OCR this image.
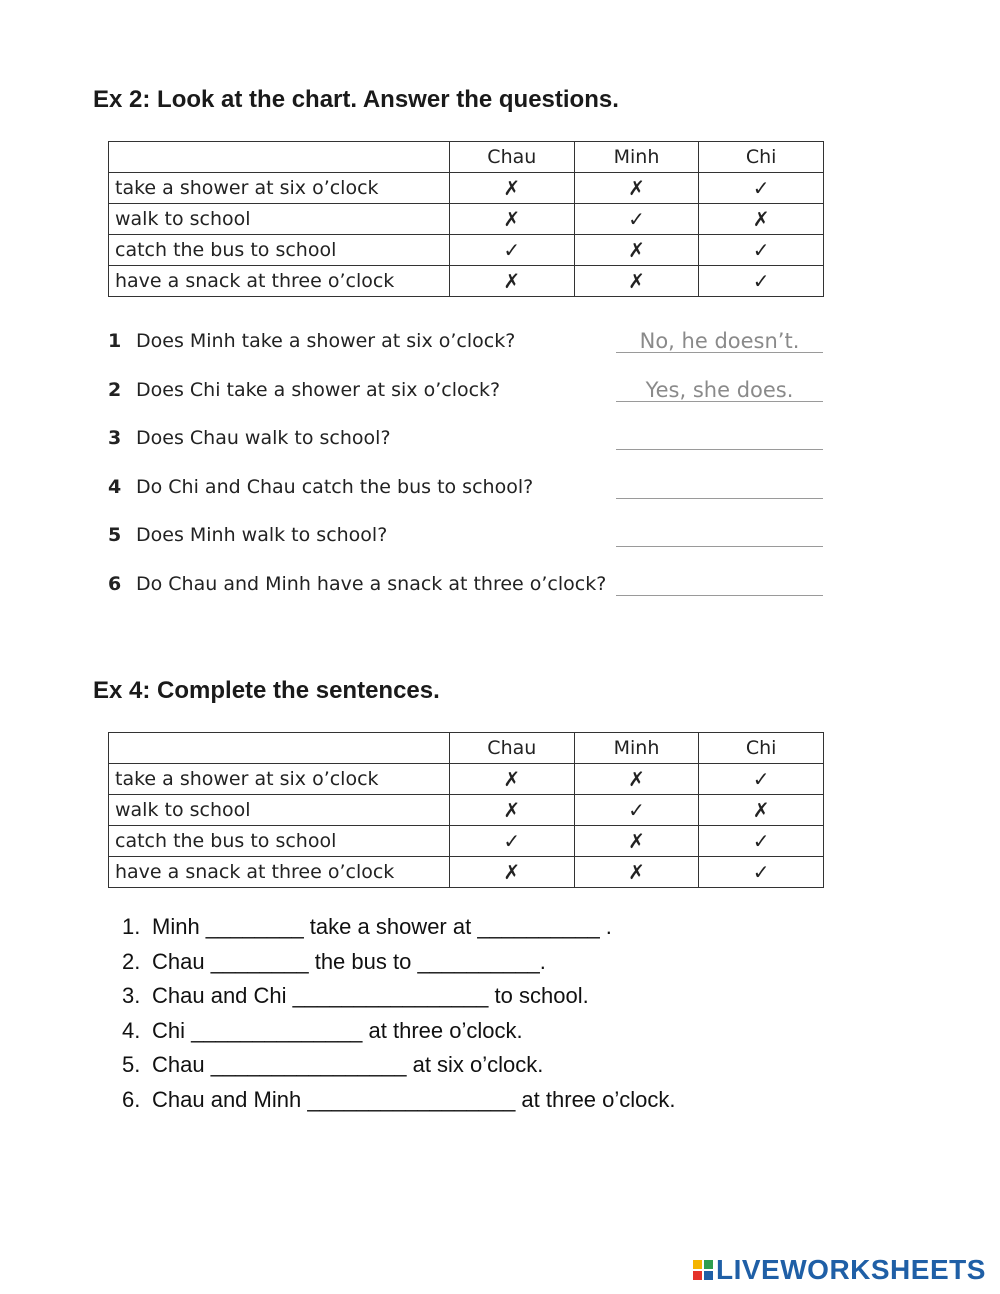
Ex 2: Look at the chart. Answer the questions.
	Chau	Minh	Chi
take a shower at six o’clock	✗	✗	✓
walk to school	✗	✓	✗
catch the bus to school	✓	✗	✓
have a snack at three o’clock	✗	✗	✓
1 Does Minh take a shower at six o’clock?	No, he doesn’t.
2 Does Chi take a shower at six o’clock?	Yes, she does.
3 Does Chau walk to school?
4 Do Chi and Chau catch the bus to school?
5 Does Minh walk to school?
6 Do Chau and Minh have a snack at three o’clock?
Ex 4: Complete the sentences.
	Chau	Minh	Chi
take a shower at six o’clock	✗	✗	✓
walk to school	✗	✓	✗
catch the bus to school	✓	✗	✓
have a snack at three o’clock	✗	✗	✓
1. Minh ________ take a shower at __________ .
2. Chau ________ the bus to __________.
3. Chau and Chi ________________ to school.
4. Chi ______________ at three o’clock.
5. Chau ________________ at six o’clock.
6. Chau and Minh _________________ at three o’clock.
LIVEWORKSHEETS
